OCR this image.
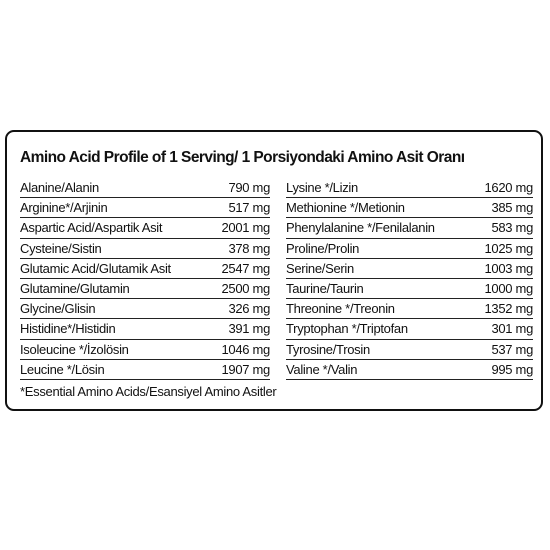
Amino Acid Profile of 1 Serving/ 1 Porsiyondaki Amino Asit Oranı
Alanine/Alanin	790 mg
Arginine*/Arjinin	517 mg
Aspartic Acid/Aspartik Asit	2001 mg
Cysteine/Sistin	378 mg
Glutamic Acid/Glutamik Asit	2547 mg
Glutamine/Glutamin	2500 mg
Glycine/Glisin	326 mg
Histidine*/Histidin	391 mg
Isoleucine */İzolösin	1046 mg
Leucine */Lösin	1907 mg
Lysine */Lizin	1620 mg
Methionine */Metionin	385 mg
Phenylalanine */Fenilalanin	583 mg
Proline/Prolin	1025 mg
Serine/Serin	1003 mg
Taurine/Taurin	1000 mg
Threonine */Treonin	1352 mg
Tryptophan */Triptofan	301 mg
Tyrosine/Trosin	537 mg
Valine */Valin	995 mg
*Essential Amino Acids/Esansiyel Amino Asitler
